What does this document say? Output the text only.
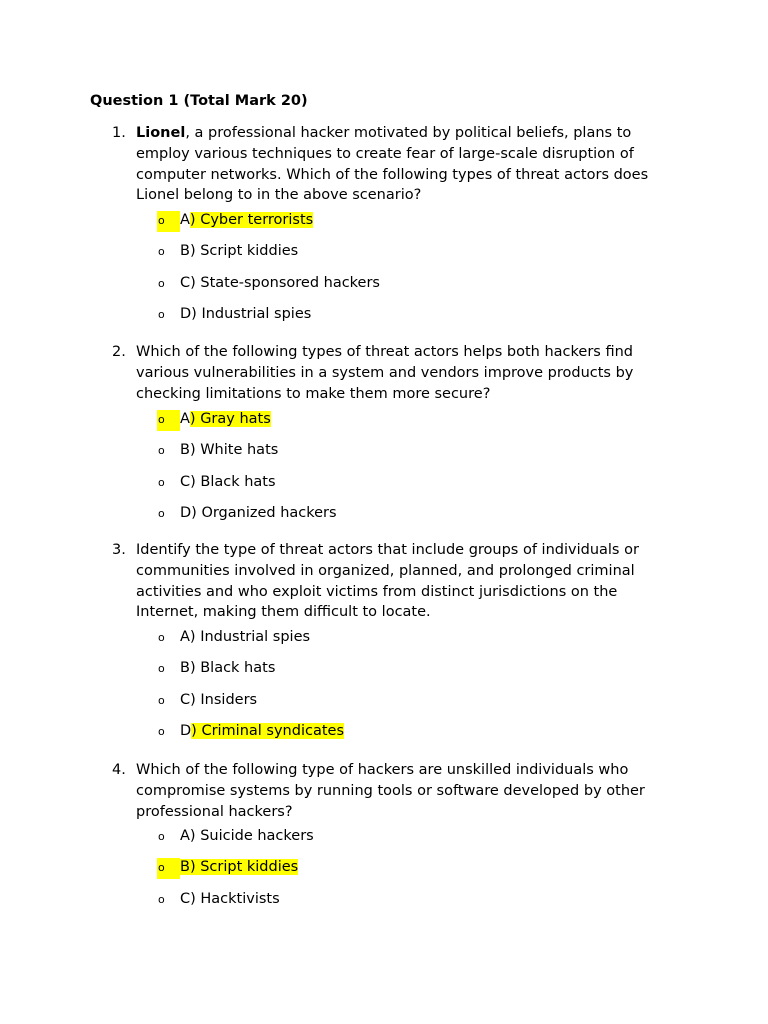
Question 1 (Total Mark 20)
1. Lionel, a professional hacker motivated by political beliefs, plans to employ various techniques to create fear of large-scale disruption of computer networks. Which of the following types of threat actors does Lionel belong to in the above scenario?
o	A) Cyber terrorists
o	B) Script kiddies
o	C) State-sponsored hackers
o	D) Industrial spies
2. Which of the following types of threat actors helps both hackers find various vulnerabilities in a system and vendors improve products by checking limitations to make them more secure?
o	A) Gray hats
o	B) White hats
o	C) Black hats
o	D) Organized hackers
3. Identify the type of threat actors that include groups of individuals or communities involved in organized, planned, and prolonged criminal activities and who exploit victims from distinct jurisdictions on the Internet, making them difficult to locate.
o	A) Industrial spies
o	B) Black hats
o	C) Insiders
o	D) Criminal syndicates
4. Which of the following type of hackers are unskilled individuals who compromise systems by running tools or software developed by other professional hackers?
o	A) Suicide hackers
o	B) Script kiddies
o	C) Hacktivists
